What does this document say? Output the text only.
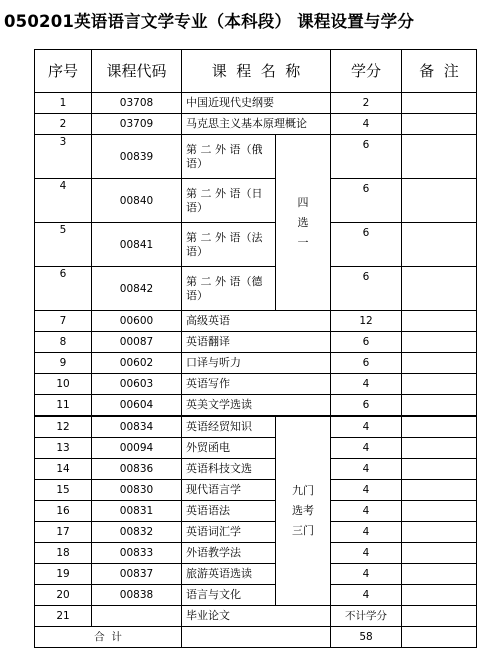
050201英语语言文学专业（本科段） 课程设置与学分
序号	课程代码	课  程  名  称		学分	备  注
1	03708	中国近现代史纲要		2	
2	03709	马克思主义基本原理概论		4	
3	00839	第 二 外 语（俄语）	四选一	6	
4	00840	第 二 外 语（日语）		6	
5	00841	第 二 外 语（法语）		6	
6	00842	第 二 外 语（德语）		6	
7	00600	高级英语		12	
8	00087	英语翻译		6	
9	00602	口译与听力		6	
10	00603	英语写作		4	
11	00604	英美文学选读		6	
12	00834	英语经贸知识	九门选考三门	4	
13	00094	外贸函电		4	
14	00836	英语科技文选		4	
15	00830	现代语言学		4	
16	00831	英语语法		4	
17	00832	英语词汇学		4	
18	00833	外语教学法		4	
19	00837	旅游英语选读		4	
20	00838	语言与文化		4	
21		毕业论文		不计学分	
合  计				58	
